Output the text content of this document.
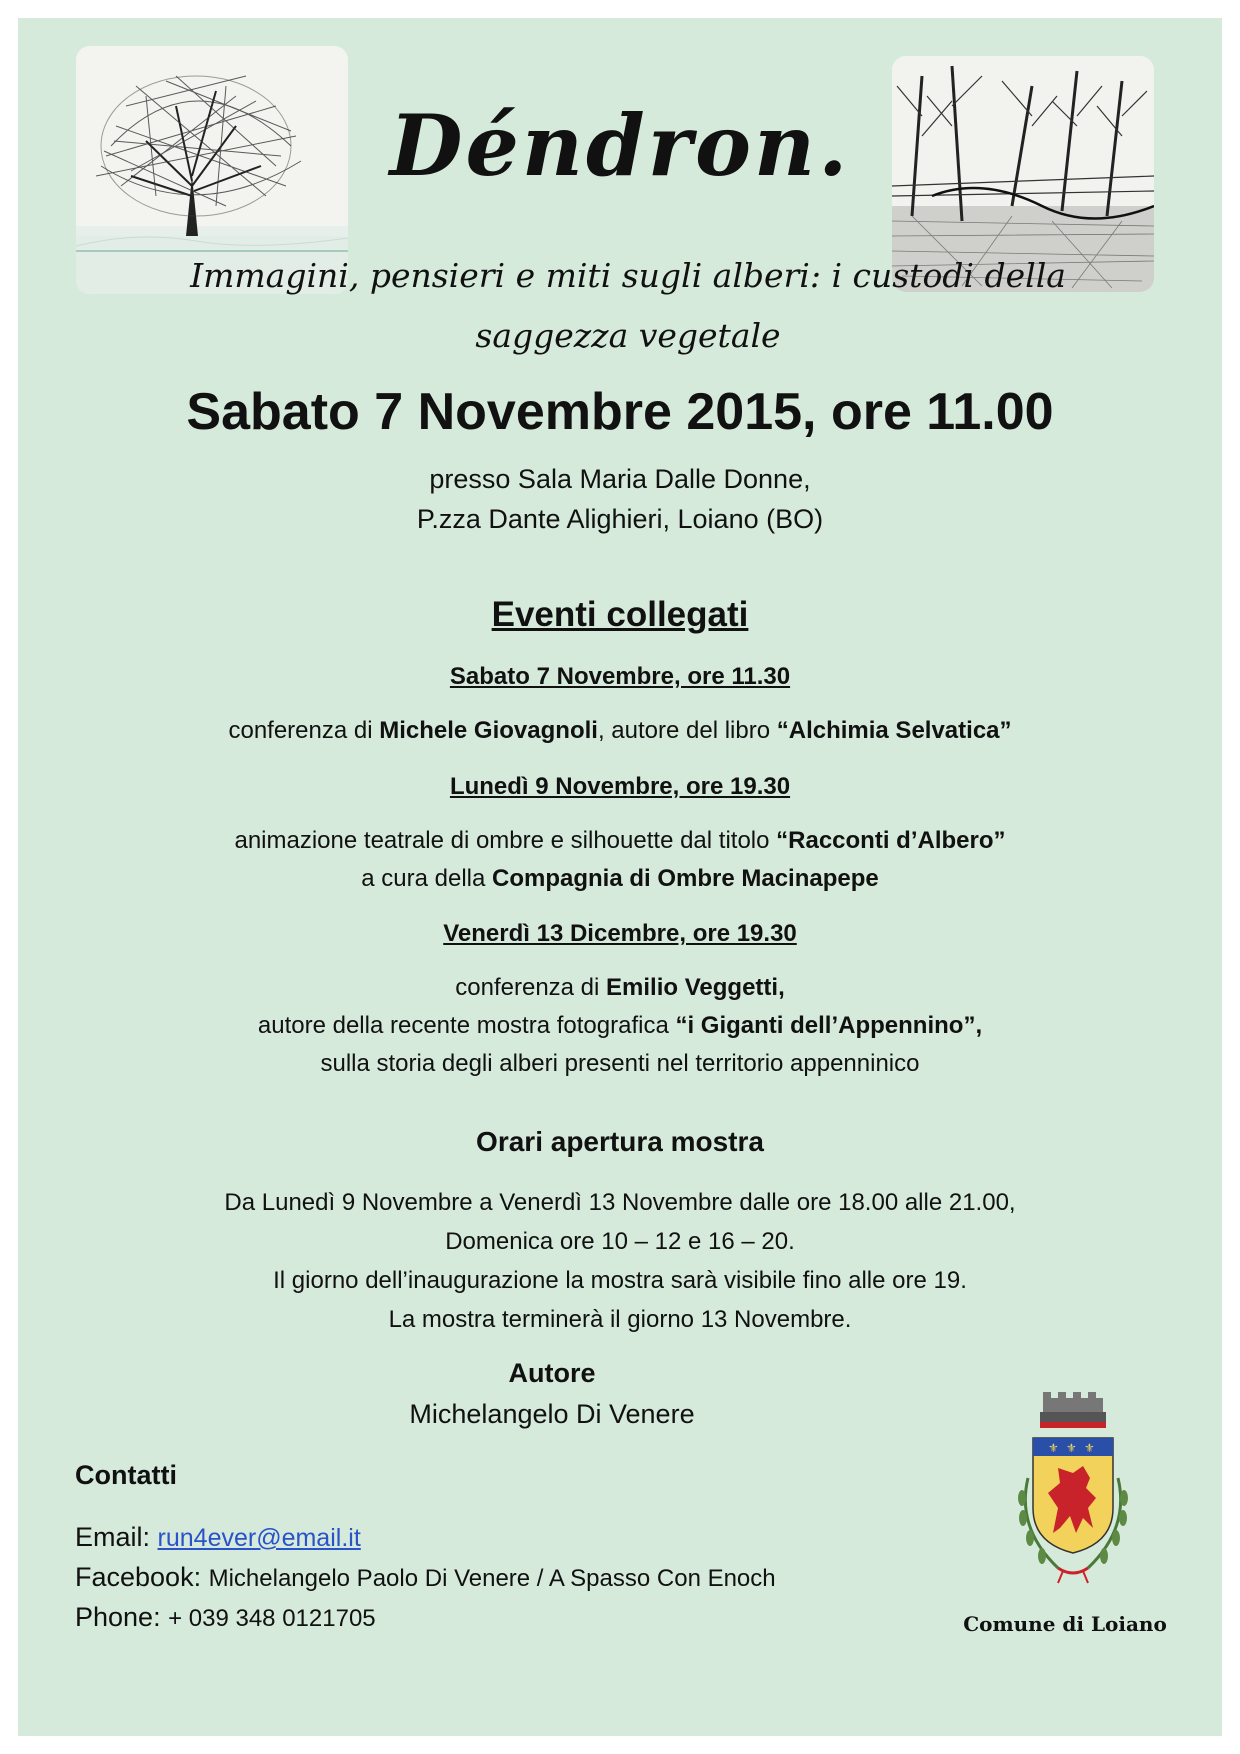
Déndron.
Immagini, pensieri e miti sugli alberi: i custodi della
saggezza vegetale
Sabato 7 Novembre 2015, ore 11.00
presso Sala Maria Dalle Donne,
P.zza Dante Alighieri, Loiano (BO)
Eventi collegati
Sabato 7 Novembre, ore 11.30
conferenza di Michele Giovagnoli, autore del libro “Alchimia Selvatica”
Lunedì 9 Novembre, ore 19.30
animazione teatrale di ombre e silhouette dal titolo “Racconti d’Albero”
a cura della Compagnia di Ombre Macinapepe
Venerdì 13 Dicembre, ore 19.30
conferenza di Emilio Veggetti,
autore della recente mostra fotografica “i Giganti dell’Appennino”,
sulla storia degli alberi presenti nel territorio appenninico
Orari apertura mostra
Da Lunedì 9 Novembre a Venerdì 13 Novembre dalle ore 18.00 alle 21.00,
Domenica ore 10 – 12 e 16 – 20.
Il giorno dell’inaugurazione la mostra sarà visibile fino alle ore 19.
La mostra terminerà il giorno 13 Novembre.
Autore
Michelangelo Di Venere
Contatti
Email: run4ever@email.it
Facebook: Michelangelo Paolo Di Venere / A Spasso Con Enoch
Phone: + 039 348 0121705
⚜ ⚜ ⚜
Comune di Loiano
